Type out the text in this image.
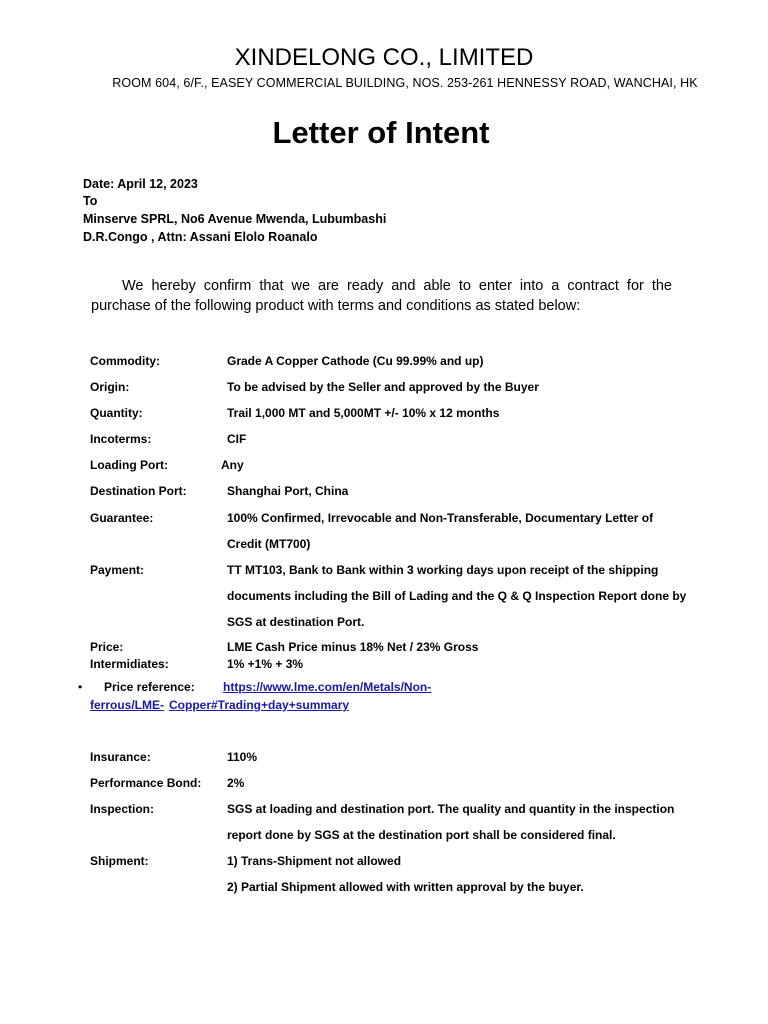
XINDELONG CO., LIMITED
ROOM 604, 6/F., EASEY COMMERCIAL BUILDING, NOS. 253-261 HENNESSY ROAD, WANCHAI, HK
Letter of Intent
Date: April 12, 2023
To
Minserve SPRL, No6 Avenue Mwenda, Lubumbashi
D.R.Congo , Attn: Assani Elolo Roanalo
We hereby confirm that we are ready and able to enter into a contract for the purchase of the following product with terms and conditions as stated below:
Commodity:	Grade A Copper Cathode (Cu 99.99% and up)
Origin:	To be advised by the Seller and approved by the Buyer
Quantity:	Trail 1,000 MT and 5,000MT +/- 10% x 12 months
Incoterms:	CIF
Loading Port:	Any
Destination Port:	Shanghai Port, China
Guarantee:	100% Confirmed, Irrevocable and Non-Transferable, Documentary Letter of
Credit (MT700)
Payment:	TT MT103, Bank to Bank within 3 working days upon receipt of the shipping
documents including the Bill of Lading and the Q & Q Inspection Report done by
SGS at destination Port.
Price:	LME Cash Price minus 18% Net / 23% Gross
Intermidiates:	1% +1% + 3%
• Price reference: https://www.lme.com/en/Metals/Non-
ferrous/LME- Copper#Trading+day+summary
Insurance:	110%
Performance Bond: 2%
Inspection:	SGS at loading and destination port. The quality and quantity in the inspection
report done by SGS at the destination port shall be considered final.
Shipment:	1) Trans-Shipment not allowed
2) Partial Shipment allowed with written approval by the buyer.
